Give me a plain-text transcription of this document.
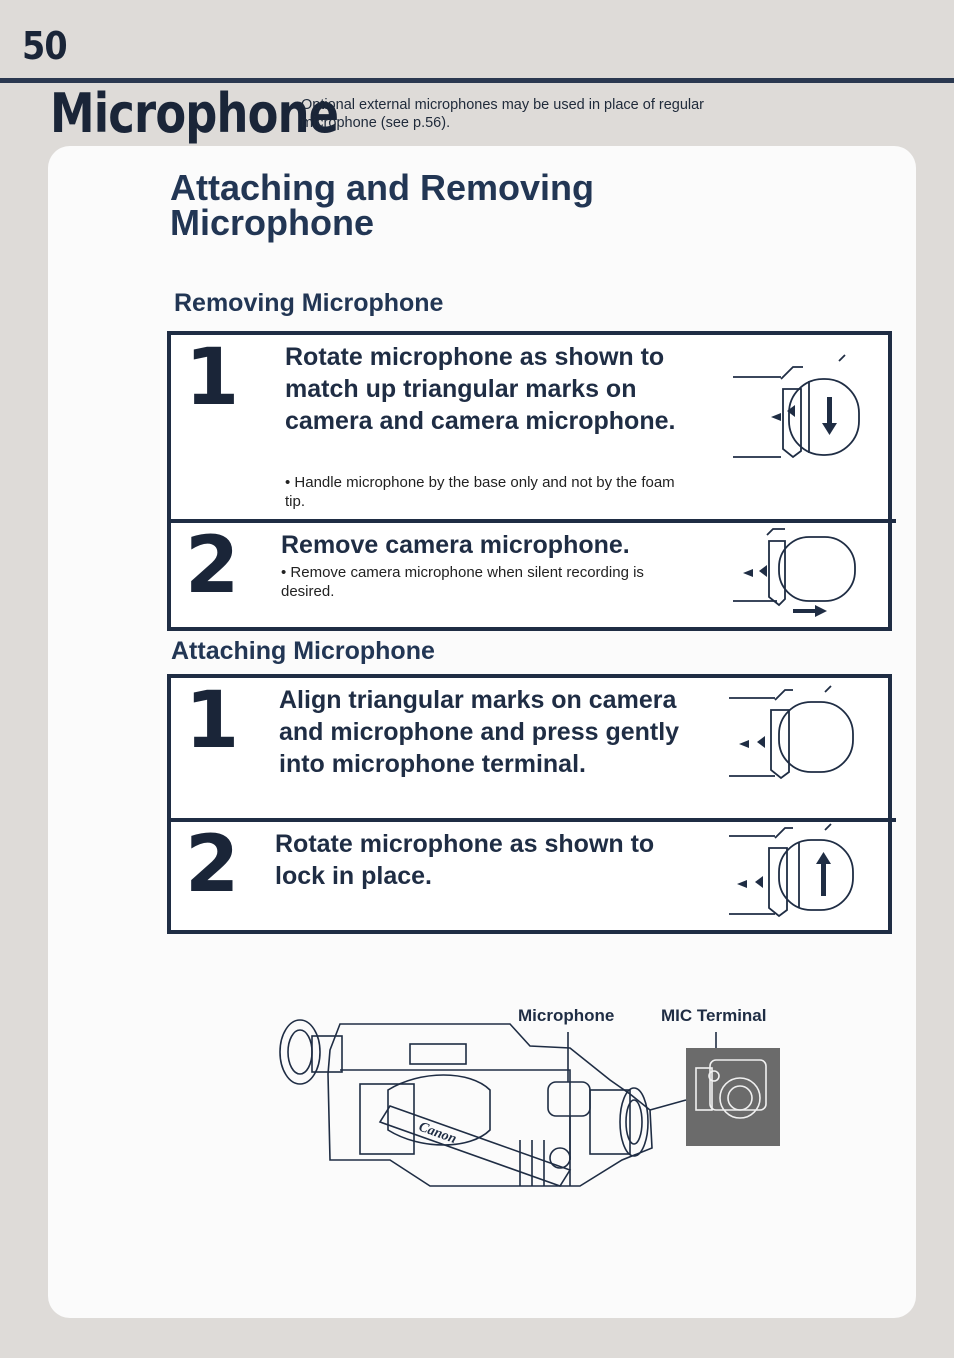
50
Microphone
Optional external microphones may be used in place of regular microphone (see p.56).
Attaching and Removing Microphone
Removing Microphone
1 Rotate microphone as shown to match up triangular marks on camera and camera microphone.
• Handle microphone by the base only and not by the foam tip.
2 Remove camera microphone.
• Remove camera microphone when silent recording is desired.
Attaching Microphone
1 Align triangular marks on camera and microphone and press gently into microphone terminal.
2 Rotate microphone as shown to lock in place.
Microphone	MIC Terminal
Canon
